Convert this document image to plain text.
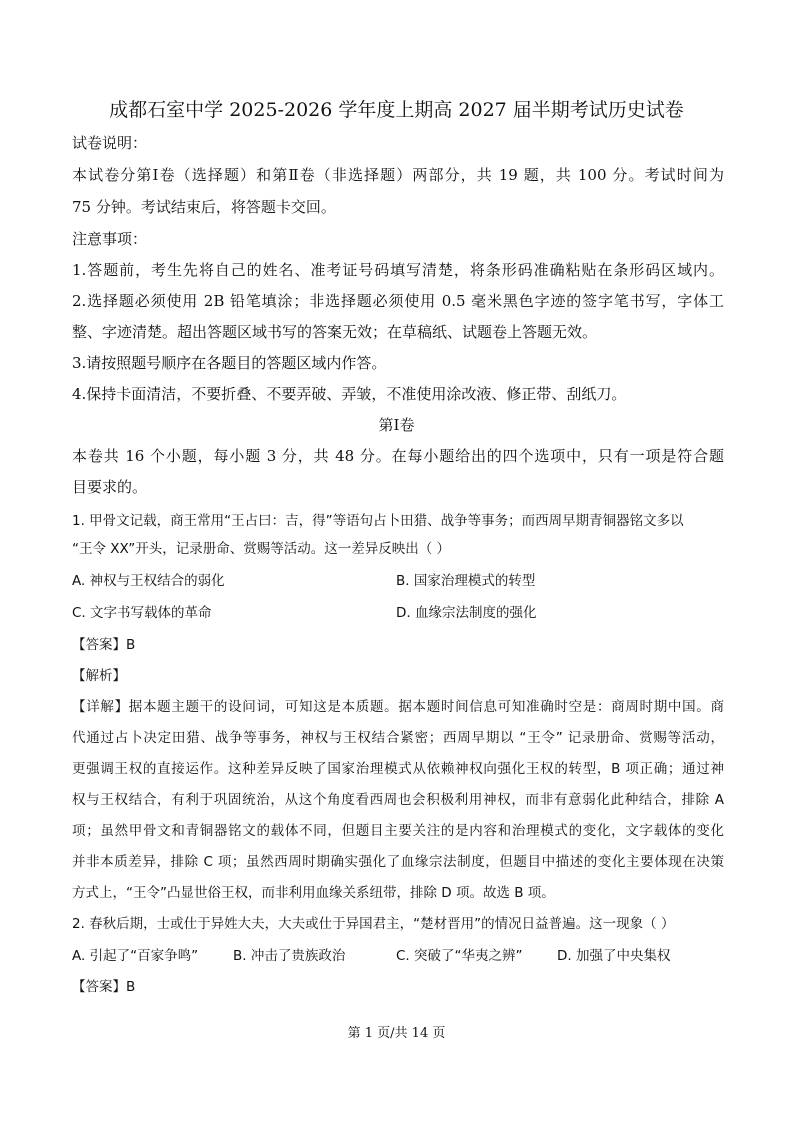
成都石室中学 2025-2026 学年度上期高 2027 届半期考试历史试卷
试卷说明：
本试卷分第Ⅰ卷（选择题）和第Ⅱ卷（非选择题）两部分，共 19 题，共 100 分。考试时间为
75 分钟。考试结束后，将答题卡交回。
注意事项：
1.答题前，考生先将自己的姓名、准考证号码填写清楚，将条形码准确粘贴在条形码区域内。
2.选择题必须使用 2B 铅笔填涂；非选择题必须使用 0.5 毫米黑色字迹的签字笔书写，字体工
整、字迹清楚。超出答题区域书写的答案无效；在草稿纸、试题卷上答题无效。
3.请按照题号顺序在各题目的答题区域内作答。
4.保持卡面清洁，不要折叠、不要弄破、弄皱，不准使用涂改液、修正带、刮纸刀。
第Ⅰ卷
本卷共 16 个小题，每小题 3 分，共 48 分。在每小题给出的四个选项中，只有一项是符合题
目要求的。
1. 甲骨文记载，商王常用“王占曰：吉，得”等语句占卜田猎、战争等事务；而西周早期青铜器铭文多以
“王令 XX”开头，记录册命、赏赐等活动。这一差异反映出（ ）
A. 神权与王权结合的弱化	B. 国家治理模式的转型
C. 文字书写载体的革命	D. 血缘宗法制度的强化
【答案】B
【解析】
【详解】据本题主题干的设问词，可知这是本质题。据本题时间信息可知准确时空是：商周时期中国。商
代通过占卜决定田猎、战争等事务，神权与王权结合紧密；西周早期以 “王令” 记录册命、赏赐等活动，
更强调王权的直接运作。这种差异反映了国家治理模式从依赖神权向强化王权的转型，B 项正确；通过神
权与王权结合，有利于巩固统治，从这个角度看西周也会积极利用神权，而非有意弱化此种结合，排除 A
项；虽然甲骨文和青铜器铭文的载体不同，但题目主要关注的是内容和治理模式的变化，文字载体的变化
并非本质差异，排除 C 项；虽然西周时期确实强化了血缘宗法制度，但题目中描述的变化主要体现在决策
方式上，“王令”凸显世俗王权，而非利用血缘关系纽带，排除 D 项。故选 B 项。
2. 春秋后期，士或仕于异姓大夫，大夫或仕于异国君主，“楚材晋用”的情况日益普遍。这一现象（ ）
A. 引起了“百家争鸣”	B. 冲击了贵族政治	C. 突破了“华夷之辨”	D. 加强了中央集权
【答案】B
第 1 页/共 14 页
